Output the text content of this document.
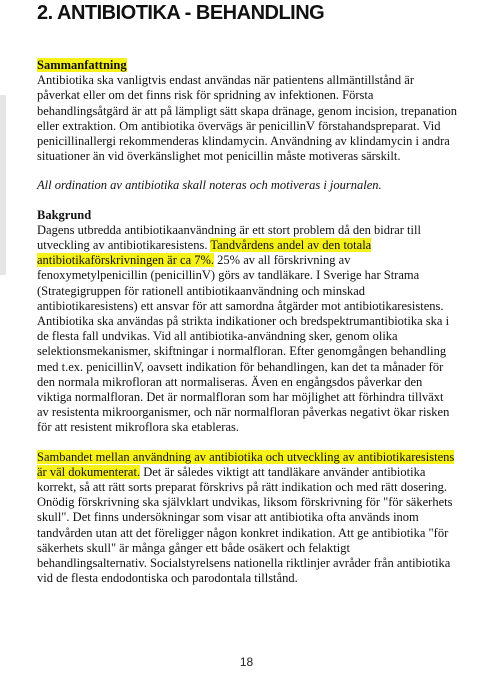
2. ANTIBIOTIKA - BEHANDLING

Sammanfattning
Antibiotika ska vanligtvis endast användas när patientens allmäntillstånd är påverkat eller om det finns risk för spridning av infektionen. Första behandlingsåtgärd är att på lämpligt sätt skapa dränage, genom incision, trepanation eller extraktion. Om antibiotika övervägs är penicillinV förstahandspreparat. Vid penicillinallergi rekommenderas klindamycin. Användning av klindamycin i andra situationer än vid överkänslighet mot penicillin måste motiveras särskilt.

All ordination av antibiotika skall noteras och motiveras i journalen.

Bakgrund
Dagens utbredda antibiotikaanvändning är ett stort problem då den bidrar till utveckling av antibiotikaresistens. Tandvårdens andel av den totala antibiotikaförskrivningen är ca 7%. 25% av all förskrivning av fenoxymetylpenicillin (penicillinV) görs av tandläkare. I Sverige har Strama (Strategigruppen för rationell antibiotikaanvändning och minskad antibiotikaresistens) ett ansvar för att samordna åtgärder mot antibiotikaresistens. Antibiotika ska användas på strikta indikationer och bredspektrumantibiotika ska i de flesta fall undvikas. Vid all antibiotika-användning sker, genom olika selektionsmekanismer, skiftningar i normalfloran. Efter genomgången behandling med t.ex. penicillinV, oavsett indikation för behandlingen, kan det ta månader för den normala mikrofloran att normaliseras. Även en engångsdos påverkar den viktiga normalfloran. Det är normalfloran som har möjlighet att förhindra tillväxt av resistenta mikroorganismer, och när normalfloran påverkas negativt ökar risken för att resistent mikroflora ska etableras.

Sambandet mellan användning av antibiotika och utveckling av antibiotikaresistens är väl dokumenterat. Det är således viktigt att tandläkare använder antibiotika korrekt, så att rätt sorts preparat förskrivs på rätt indikation och med rätt dosering. Onödig förskrivning ska självklart undvikas, liksom förskrivning för "för säkerhets skull". Det finns undersökningar som visar att antibiotika ofta används inom tandvården utan att det föreligger någon konkret indikation. Att ge antibiotika "för säkerhets skull" är många gånger ett både osäkert och felaktigt behandlingsalternativ. Socialstyrelsens nationella riktlinjer avråder från antibiotika vid de flesta endodontiska och parodontala tillstånd.

18
